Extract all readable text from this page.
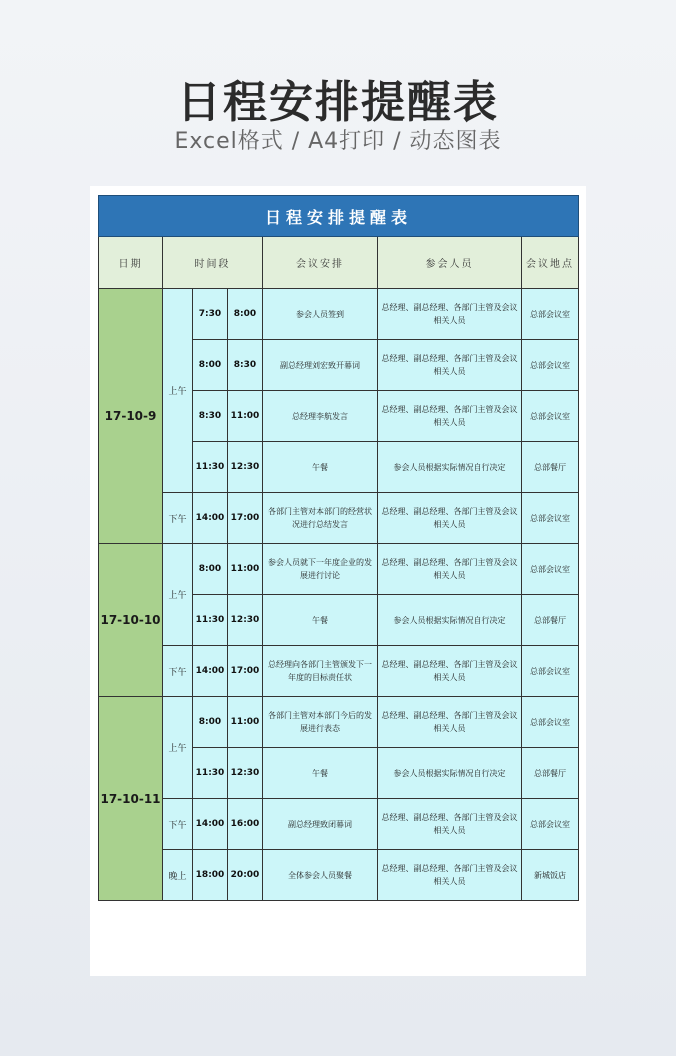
日程安排提醒表
Excel格式 / A4打印 / 动态图表
日程安排提醒表						
日期	时间段			会议安排	参会人员	会议地点
17-10-9	上午	7:30	8:00	参会人员签到	总经理、副总经理、各部门主管及会议相关人员	总部会议室
		8:00	8:30	副总经理刘宏致开幕词	总经理、副总经理、各部门主管及会议相关人员	总部会议室
		8:30	11:00	总经理李航发言	总经理、副总经理、各部门主管及会议相关人员	总部会议室
		11:30	12:30	午餐	参会人员根据实际情况自行决定	总部餐厅
	下午	14:00	17:00	各部门主管对本部门的经营状况进行总结发言	总经理、副总经理、各部门主管及会议相关人员	总部会议室
17-10-10	上午	8:00	11:00	参会人员就下一年度企业的发展进行讨论	总经理、副总经理、各部门主管及会议相关人员	总部会议室
		11:30	12:30	午餐	参会人员根据实际情况自行决定	总部餐厅
	下午	14:00	17:00	总经理向各部门主管颁发下一年度的目标责任状	总经理、副总经理、各部门主管及会议相关人员	总部会议室
17-10-11	上午	8:00	11:00	各部门主管对本部门今后的发展进行表态	总经理、副总经理、各部门主管及会议相关人员	总部会议室
		11:30	12:30	午餐	参会人员根据实际情况自行决定	总部餐厅
	下午	14:00	16:00	副总经理致闭幕词	总经理、副总经理、各部门主管及会议相关人员	总部会议室
	晚上	18:00	20:00	全体参会人员聚餐	总经理、副总经理、各部门主管及会议相关人员	新城饭店
